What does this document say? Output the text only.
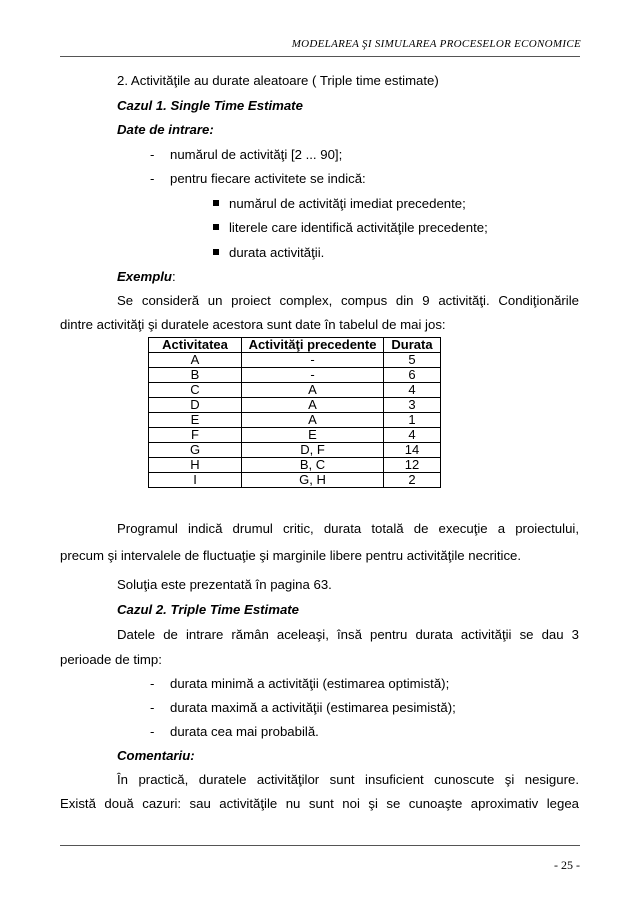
MODELAREA ŞI SIMULAREA PROCESELOR ECONOMICE
2. Activităţile au durate aleatoare ( Triple time estimate)
Cazul 1. Single Time Estimate
Date de intrare:
- numărul de activităţi [2 ... 90];
- pentru fiecare activitete se indică:
numărul de activităţi imediat precedente;
literele care identifică activităţile precedente;
durata activităţii.
Exemplu:
Se consideră un proiect complex, compus din 9 activităţi. Condiţionările
dintre activităţi şi duratele acestora sunt date în tabelul de mai jos:
Activitatea	Activităţi precedente	Durata
A	-	5
B	-	6
C	A	4
D	A	3
E	A	1
F	E	4
G	D, F	14
H	B, C	12
I	G, H	2
Programul indică drumul critic, durata totală de execuţie a proiectului,
precum şi intervalele de fluctuaţie şi marginile libere pentru activităţile necritice.
Soluţia este prezentată în pagina 63.
Cazul 2. Triple Time Estimate
Datele de intrare rămân aceleaşi, însă pentru durata activităţii se dau 3
perioade de timp:
- durata minimă a activităţii (estimarea optimistă);
- durata maximă a activităţii (estimarea pesimistă);
- durata cea mai probabilă.
Comentariu:
În practică, duratele activităţilor sunt insuficient cunoscute şi nesigure.
Există două cazuri: sau activităţile nu sunt noi şi se cunoaşte aproximativ legea
- 25 -
